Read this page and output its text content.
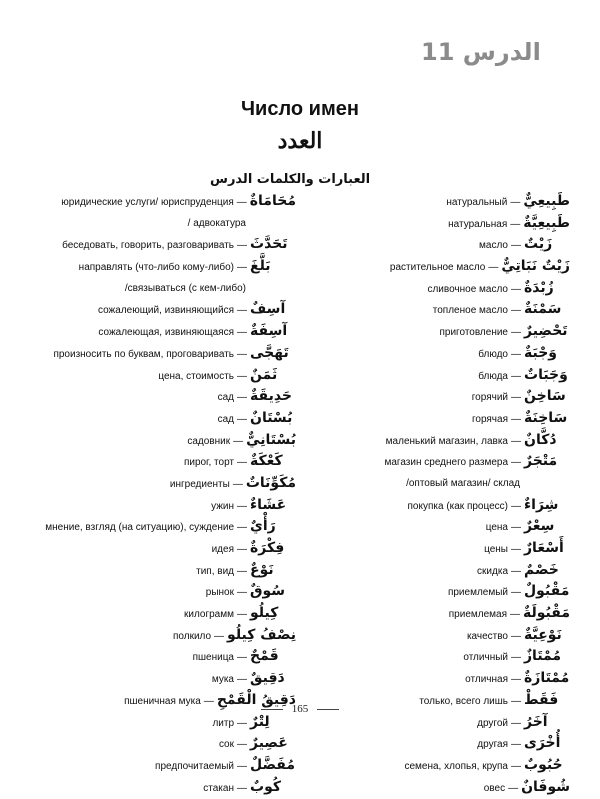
الدرس 11
Число имен
العدد
العبارات والكلمات الدرس
юридические услуги/ юриспруденция — مُحَامَاةٌ
/ адвокатура
беседовать, говорить, разговаривать — تَحَدَّثَ
направлять (что-либо кому-либо) — بَلَّغَ
/связываться (с кем-либо)
сожалеющий, извиняющийся — آسِفٌ
сожалеющая, извиняющаяся — آسِفَةٌ
произносить по буквам, проговаривать — تَهَجَّى
цена, стоимость — ثَمَنٌ
сад — حَدِيقَةٌ
сад — بُسْتَانٌ
садовник — بُسْتَانِيٌّ
пирог, торт — كَعْكَةٌ
ингредиенты — مُكَوِّنَاتٌ
ужин — عَشَاءٌ
мнение, взгляд (на ситуацию), суждение — رَأْيٌ
идея — فِكْرَةٌ
тип, вид — نَوْعٌ
рынок — سُوقٌ
килограмм — كِيلُو
полкило — نِصْفُ كِيلُو
пшеница — قَمْحٌ
мука — دَقِيقٌ
пшеничная мука — دَقِيقُ الْقَمْحِ
литр — لِتْرٌ
сок — عَصِيرٌ
предпочитаемый — مُفَضَّلٌ
стакан — كُوبٌ
натуральный — طَبِيعِيٌّ
натуральная — طَبِيعِيَّةٌ
масло — زَيْتٌ
растительное масло — زَيْتٌ نَبَاتِيٌّ
сливочное масло — زُبْدَةٌ
топленое масло — سَمْنَةٌ
приготовление — تَحْضِيرٌ
блюдо — وَجْبَةٌ
блюда — وَجَبَاتٌ
горячий — سَاخِنٌ
горячая — سَاخِنَةٌ
маленький магазин, лавка — دُكَّانٌ
магазин среднего размера — مَتْجَرٌ
/оптовый магазин/ склад
покупка (как процесс) — شِرَاءٌ
цена — سِعْرٌ
цены — أَسْعَارٌ
скидка — خَصْمٌ
приемлемый — مَقْبُولٌ
приемлемая — مَقْبُولَةٌ
качество — نَوْعِيَّةٌ
отличный — مُمْتَازٌ
отличная — مُمْتَازَةٌ
только, всего лишь — فَقَطْ
другой — آخَرُ
другая — أُخْرَى
семена, хлопья, крупа — حُبُوبٌ
овес — شُوفَانٌ
165
